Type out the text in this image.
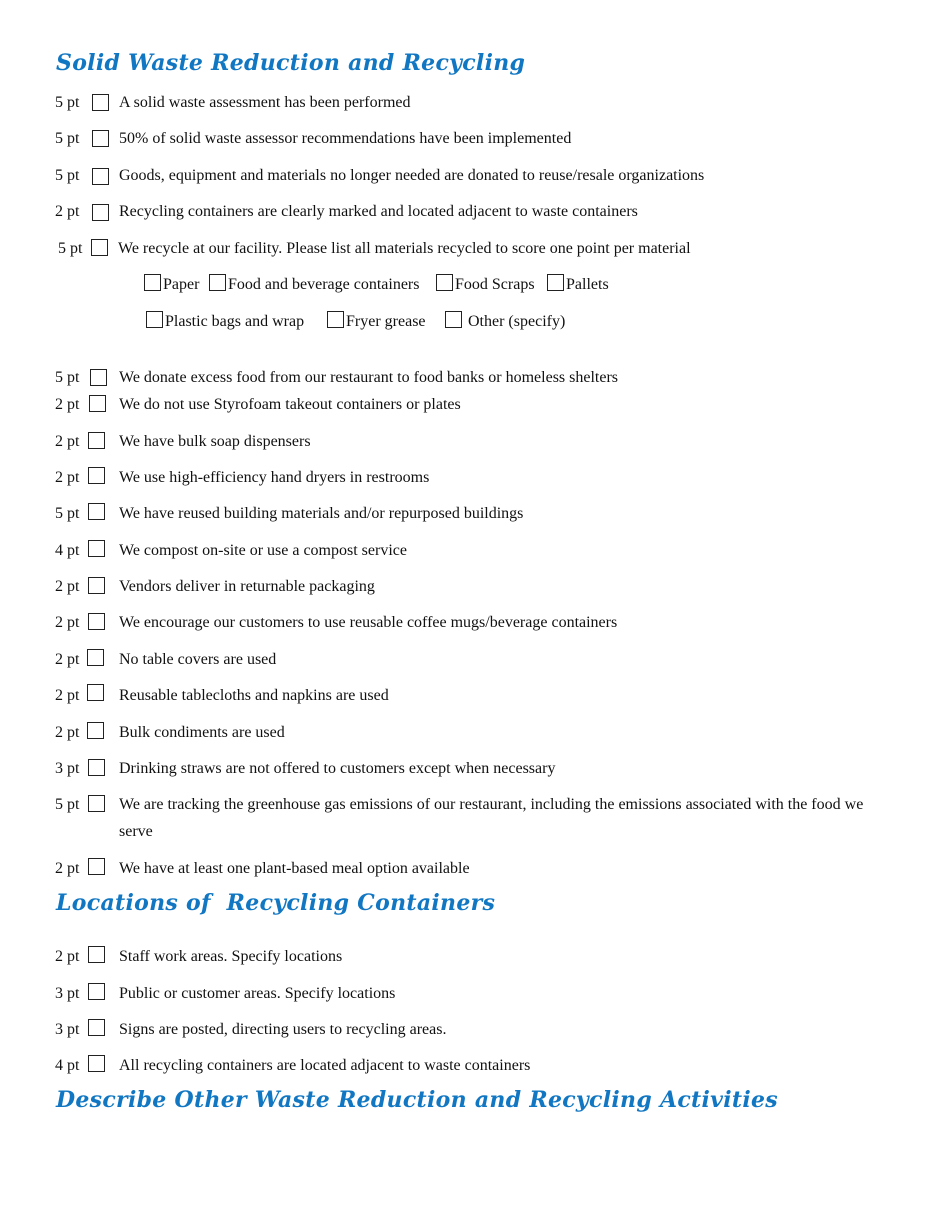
Solid Waste Reduction and Recycling
5 pt A solid waste assessment has been performed
5 pt 50% of solid waste assessor recommendations have been implemented
5 pt Goods, equipment and materials no longer needed are donated to reuse/resale organizations
2 pt Recycling containers are clearly marked and located adjacent to waste containers
5 pt We recycle at our facility. Please list all materials recycled to score one point per material
Paper	Food and beverage containers	Food Scraps	Pallets
Plastic bags and wrap	Fryer grease	Other (specify)
5 pt We donate excess food from our restaurant to food banks or homeless shelters
2 pt We do not use Styrofoam takeout containers or plates
2 pt We have bulk soap dispensers
2 pt We use high-efficiency hand dryers in restrooms
5 pt We have reused building materials and/or repurposed buildings
4 pt We compost on-site or use a compost service
2 pt Vendors deliver in returnable packaging
2 pt We encourage our customers to use reusable coffee mugs/beverage containers
2 pt No table covers are used
2 pt Reusable tablecloths and napkins are used
2 pt Bulk condiments are used
3 pt Drinking straws are not offered to customers except when necessary
5 pt We are tracking the greenhouse gas emissions of our restaurant, including the emissions associated with the food we serve
2 pt We have at least one plant-based meal option available
Locations of  Recycling Containers
2 pt Staff work areas. Specify locations
3 pt Public or customer areas. Specify locations
3 pt Signs are posted, directing users to recycling areas.
4 pt All recycling containers are located adjacent to waste containers
Describe Other Waste Reduction and Recycling Activities
